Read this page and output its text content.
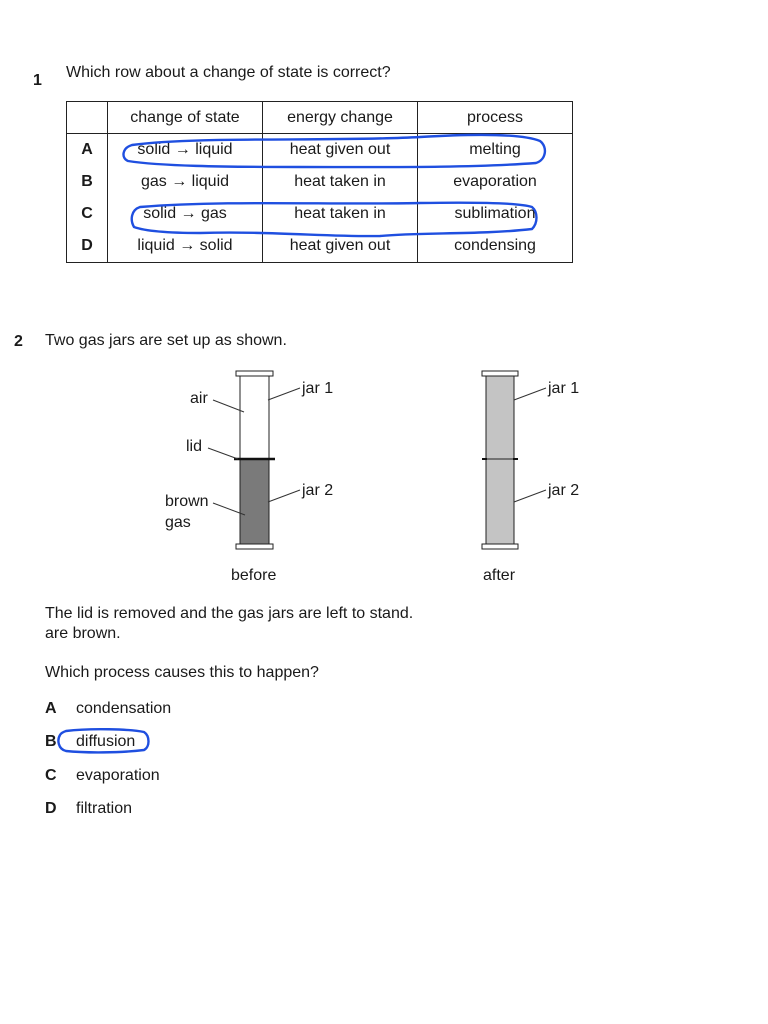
1 Which row about a change of state is correct?
	change of state	energy change	process
A	solid → liquid	heat given out	melting
B	gas → liquid	heat taken in	evaporation
C	solid → gas	heat taken in	sublimation
D	liquid → solid	heat given out	condensing
2 Two gas jars are set up as shown.
air
lid
brown
gas
jar 1
jar 2
before
jar 1
jar 2
after
The lid is removed and the gas jars are left to stand.
are brown.
Which process causes this to happen?
A condensation
B diffusion
C evaporation
D filtration
